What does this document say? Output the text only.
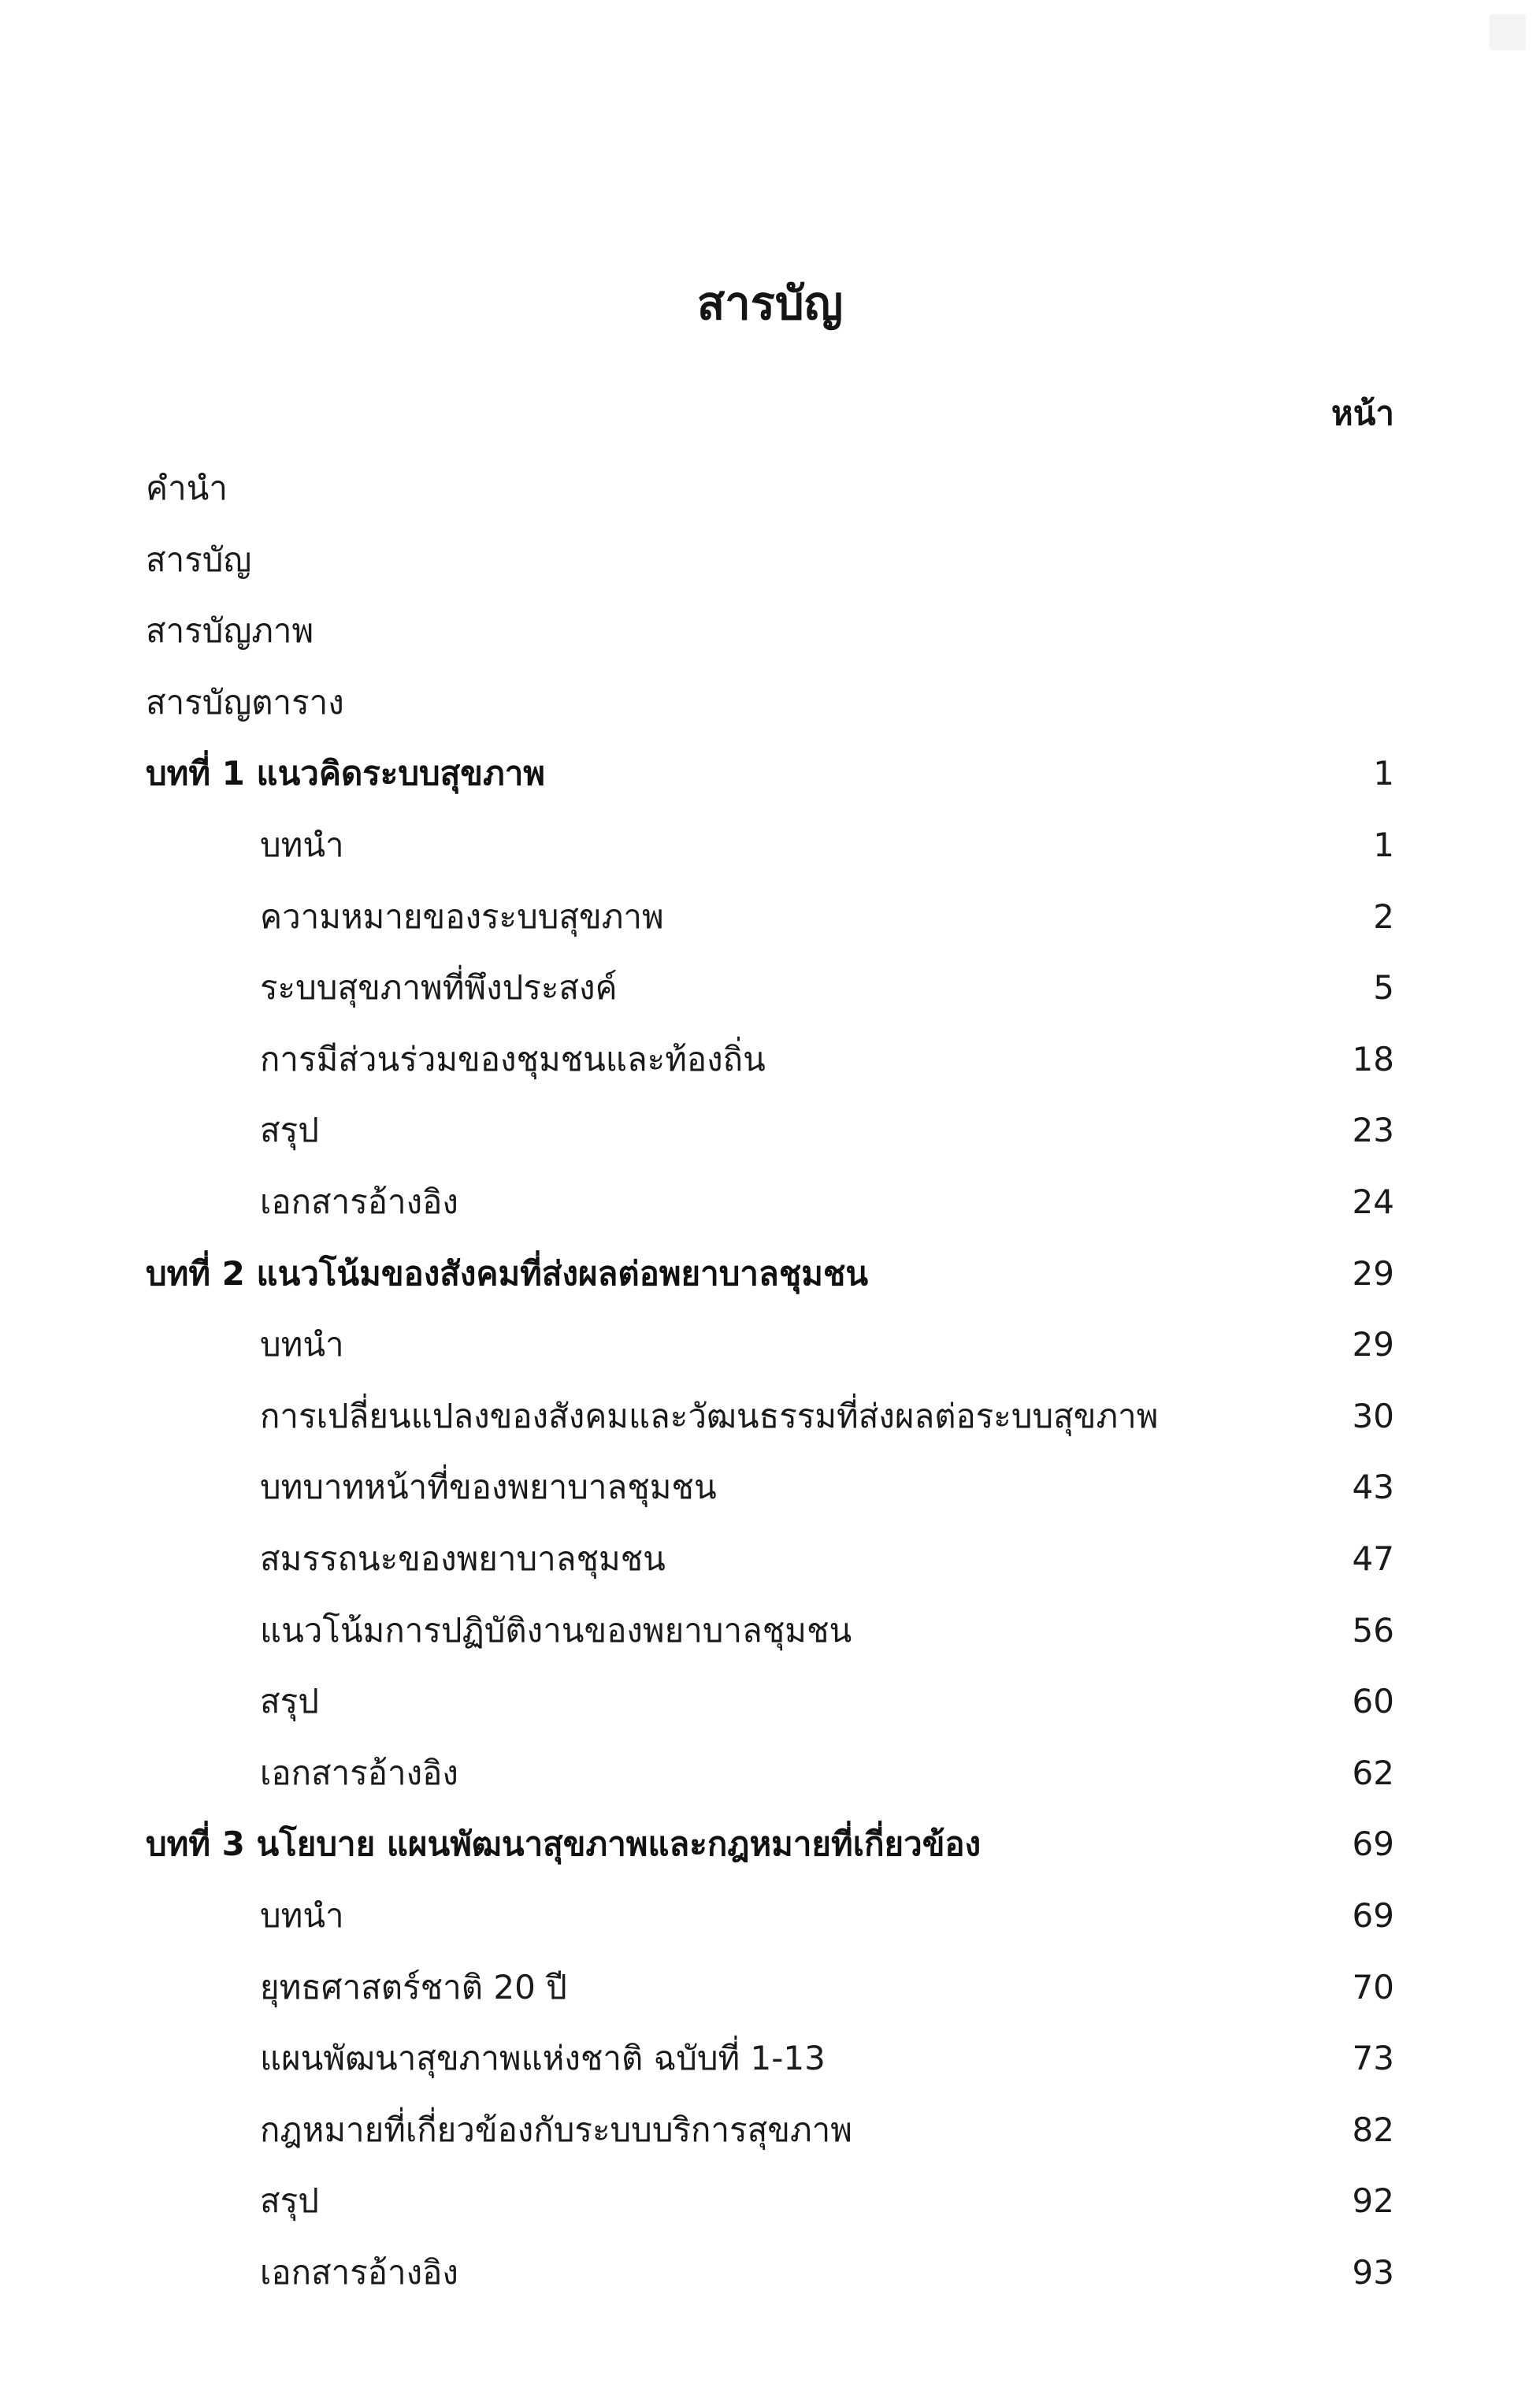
สารบัญ
หน้า
คำนำ
สารบัญ
สารบัญภาพ
สารบัญตาราง
บทที่ 1 แนวคิดระบบสุขภาพ	1
บทนำ	1
ความหมายของระบบสุขภาพ	2
ระบบสุขภาพที่พึงประสงค์	5
การมีส่วนร่วมของชุมชนและท้องถิ่น	18
สรุป	23
เอกสารอ้างอิง	24
บทที่ 2 แนวโน้มของสังคมที่ส่งผลต่อพยาบาลชุมชน	29
บทนำ	29
การเปลี่ยนแปลงของสังคมและวัฒนธรรมที่ส่งผลต่อระบบสุขภาพ	30
บทบาทหน้าที่ของพยาบาลชุมชน	43
สมรรถนะของพยาบาลชุมชน	47
แนวโน้มการปฏิบัติงานของพยาบาลชุมชน	56
สรุป	60
เอกสารอ้างอิง	62
บทที่ 3 นโยบาย แผนพัฒนาสุขภาพและกฎหมายที่เกี่ยวข้อง	69
บทนำ	69
ยุทธศาสตร์ชาติ 20 ปี	70
แผนพัฒนาสุขภาพแห่งชาติ ฉบับที่ 1-13	73
กฎหมายที่เกี่ยวข้องกับระบบบริการสุขภาพ	82
สรุป	92
เอกสารอ้างอิง	93
